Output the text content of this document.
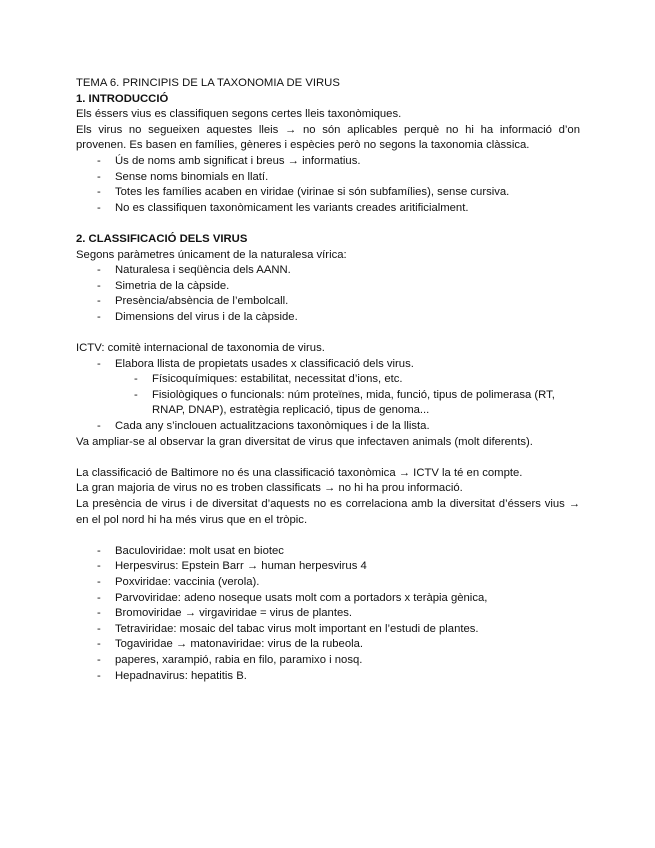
TEMA 6. PRINCIPIS DE LA TAXONOMIA DE VIRUS

1. INTRODUCCIÓ

Els éssers vius es classifiquen segons certes lleis taxonòmiques.

Els virus no segueixen aquestes lleis → no són aplicables perquè no hi ha informació d’on provenen. Es basen en famílies, gèneres i espècies però no segons la taxonomia clàssica.

- Ús de noms amb significat i breus → informatius.
- Sense noms binomials en llatí.
- Totes les famílies acaben en viridae (virinae si són subfamílies), sense cursiva.
- No es classifiquen taxonòmicament les variants creades aritificialment.

2. CLASSIFICACIÓ DELS VIRUS

Segons paràmetres únicament de la naturalesa vírica:

- Naturalesa i seqüència dels AANN.
- Simetria de la càpside.
- Presència/absència de l’embolcall.
- Dimensions del virus i de la càpside.

ICTV: comitè internacional de taxonomia de virus.

- Elabora llista de propietats usades x classificació dels virus.
- Físicoquímiques: estabilitat, necessitat d’ions, etc.
- Fisiològiques o funcionals: núm proteïnes, mida, funció, tipus de polimerasa (RT, RNAP, DNAP), estratègia replicació, tipus de genoma...
- Cada any s’inclouen actualitzacions taxonòmiques i de la llista.

Va ampliar-se al observar la gran diversitat de virus que infectaven animals (molt diferents).

La classificació de Baltimore no és una classificació taxonòmica → ICTV la té en compte.

La gran majoria de virus no es troben classificats → no hi ha prou informació.

La presència de virus i de diversitat d’aquests no es correlaciona amb la diversitat d’éssers vius → en el pol nord hi ha més virus que en el tròpic.

- Baculoviridae: molt usat en biotec
- Herpesvirus: Epstein Barr → human herpesvirus 4
- Poxviridae: vaccinia (verola).
- Parvoviridae: adeno noseque usats molt com a portadors x teràpia gènica,
- Bromoviridae → virgaviridae = virus de plantes.
- Tetraviridae: mosaic del tabac virus molt important en l’estudi de plantes.
- Togaviridae → matonaviridae: virus de la rubeola.
- paperes, xarampió, rabia en filo, paramixo i nosq.
- Hepadnavirus: hepatitis B.
